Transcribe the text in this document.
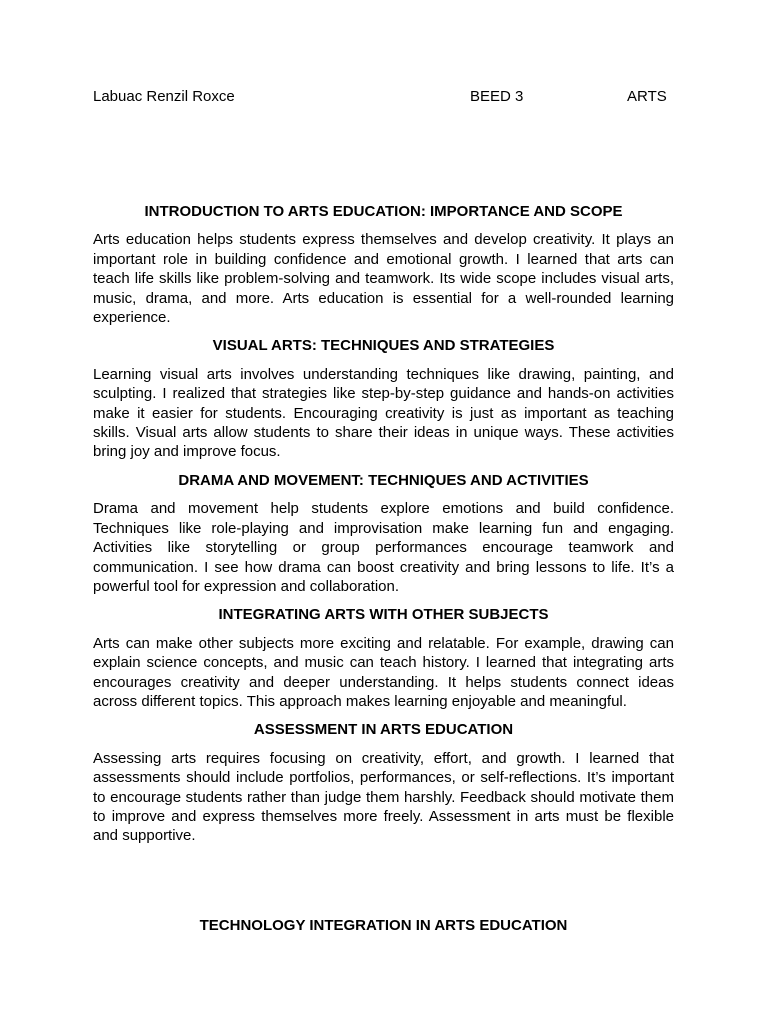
Labuac Renzil Roxce	BEED 3	ARTS
INTRODUCTION TO ARTS EDUCATION: IMPORTANCE AND SCOPE
Arts education helps students express themselves and develop creativity. It plays an important role in building confidence and emotional growth. I learned that arts can teach life skills like problem-solving and teamwork. Its wide scope includes visual arts, music, drama, and more. Arts education is essential for a well-rounded learning experience.
VISUAL ARTS: TECHNIQUES AND STRATEGIES
Learning visual arts involves understanding techniques like drawing, painting, and sculpting. I realized that strategies like step-by-step guidance and hands-on activities make it easier for students. Encouraging creativity is just as important as teaching skills. Visual arts allow students to share their ideas in unique ways. These activities bring joy and improve focus.
DRAMA AND MOVEMENT: TECHNIQUES AND ACTIVITIES
Drama and movement help students explore emotions and build confidence. Techniques like role-playing and improvisation make learning fun and engaging. Activities like storytelling or group performances encourage teamwork and communication. I see how drama can boost creativity and bring lessons to life. It’s a powerful tool for expression and collaboration.
INTEGRATING ARTS WITH OTHER SUBJECTS
Arts can make other subjects more exciting and relatable. For example, drawing can explain science concepts, and music can teach history. I learned that integrating arts encourages creativity and deeper understanding. It helps students connect ideas across different topics. This approach makes learning enjoyable and meaningful.
ASSESSMENT IN ARTS EDUCATION
Assessing arts requires focusing on creativity, effort, and growth. I learned that assessments should include portfolios, performances, or self-reflections. It’s important to encourage students rather than judge them harshly. Feedback should motivate them to improve and express themselves more freely. Assessment in arts must be flexible and supportive.
TECHNOLOGY INTEGRATION IN ARTS EDUCATION
